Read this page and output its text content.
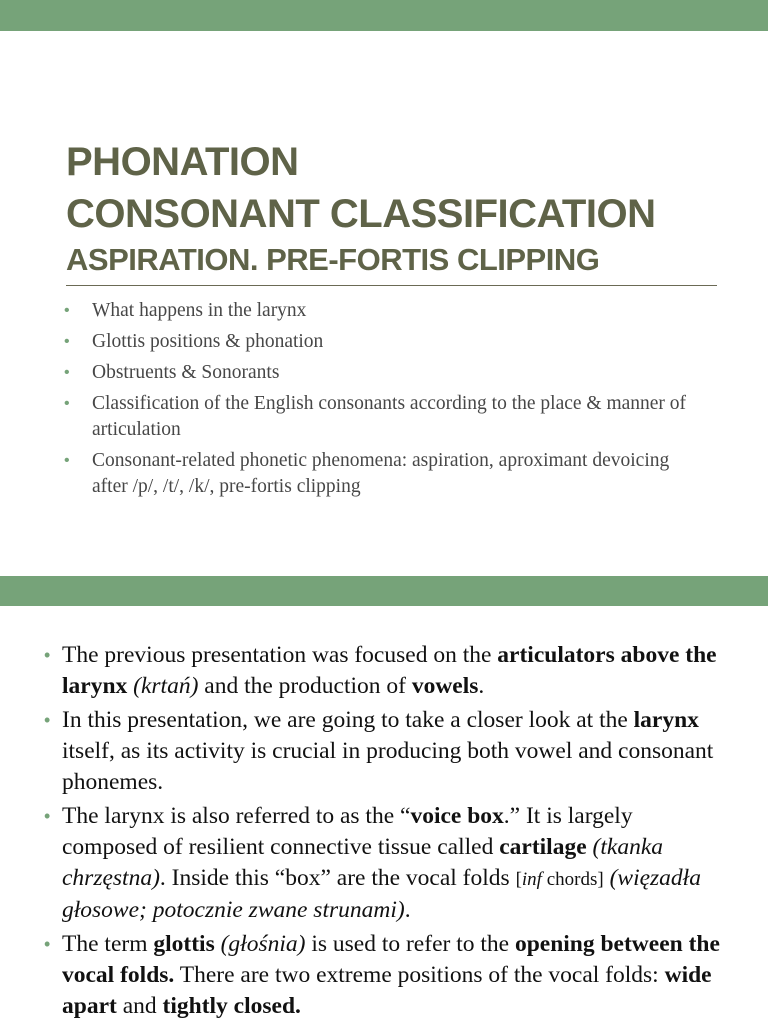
PHONATION
CONSONANT CLASSIFICATION
ASPIRATION. PRE-FORTIS CLIPPING
• What happens in the larynx
• Glottis positions & phonation
• Obstruents & Sonorants
• Classification of the English consonants according to the place & manner of articulation
• Consonant-related phonetic phenomena: aspiration, aproximant devoicing after /p/, /t/, /k/, pre-fortis clipping
• The previous presentation was focused on the articulators above the larynx (krtań) and the production of vowels.
• In this presentation, we are going to take a closer look at the larynx itself, as its activity is crucial in producing both vowel and consonant phonemes.
• The larynx is also referred to as the “voice box.” It is largely composed of resilient connective tissue called cartilage (tkanka chrzęstna). Inside this “box” are the vocal folds [inf chords] (więzadła głosowe; potocznie zwane strunami).
• The term glottis (głośnia) is used to refer to the opening between the vocal folds. There are two extreme positions of the vocal folds: wide apart and tightly closed.
